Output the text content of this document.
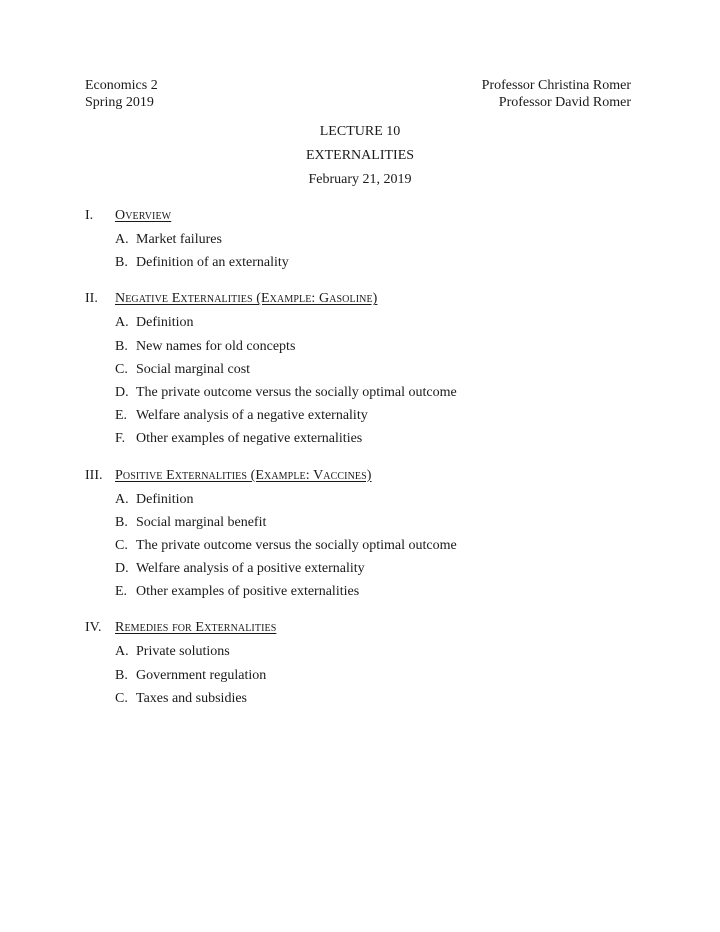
Economics 2
Spring 2019
Professor Christina Romer
Professor David Romer
LECTURE 10
EXTERNALITIES
February 21, 2019
I.	Overview
A. Market failures
B. Definition of an externality
II.	Negative Externalities (Example: Gasoline)
A. Definition
B. New names for old concepts
C. Social marginal cost
D. The private outcome versus the socially optimal outcome
E. Welfare analysis of a negative externality
F. Other examples of negative externalities
III. Positive Externalities (Example: Vaccines)
A. Definition
B. Social marginal benefit
C. The private outcome versus the socially optimal outcome
D. Welfare analysis of a positive externality
E. Other examples of positive externalities
IV. Remedies for Externalities
A. Private solutions
B. Government regulation
C. Taxes and subsidies
